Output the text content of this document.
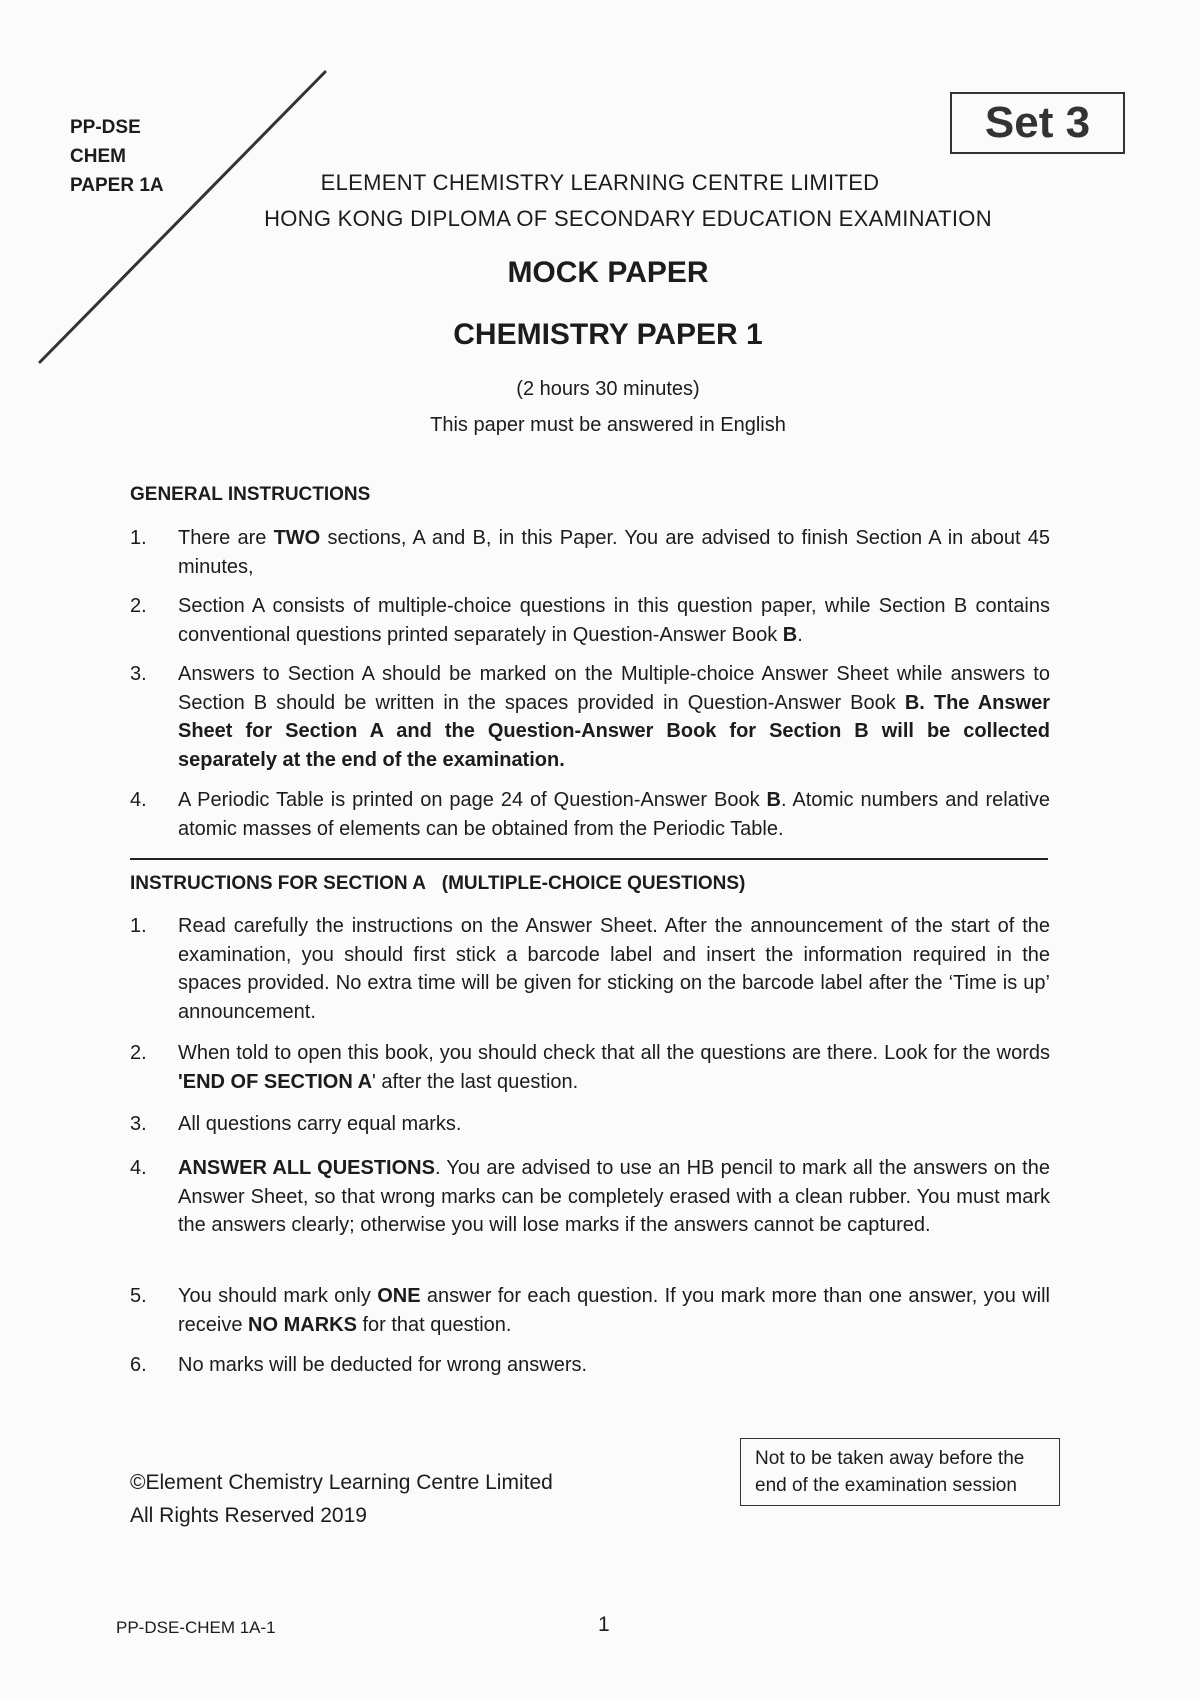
PP-DSE
CHEM
PAPER 1A
Set 3
ELEMENT CHEMISTRY LEARNING CENTRE LIMITED
HONG KONG DIPLOMA OF SECONDARY EDUCATION EXAMINATION
MOCK PAPER
CHEMISTRY PAPER 1
(2 hours 30 minutes)
This paper must be answered in English
GENERAL INSTRUCTIONS
1.	There are TWO sections, A and B, in this Paper. You are advised to finish Section A in about 45 minutes,
2.	Section A consists of multiple-choice questions in this question paper, while Section B contains conventional questions printed separately in Question-Answer Book B.
3.	Answers to Section A should be marked on the Multiple-choice Answer Sheet while answers to Section B should be written in the spaces provided in Question-Answer Book B. The Answer Sheet for Section A and the Question-Answer Book for Section B will be collected separately at the end of the examination.
4.	A Periodic Table is printed on page 24 of Question-Answer Book B. Atomic numbers and relative atomic masses of elements can be obtained from the Periodic Table.
INSTRUCTIONS FOR SECTION A   (MULTIPLE-CHOICE QUESTIONS)
1.	Read carefully the instructions on the Answer Sheet. After the announcement of the start of the examination, you should first stick a barcode label and insert the information required in the spaces provided. No extra time will be given for sticking on the barcode label after the ‘Time is up’ announcement.
2.	When told to open this book, you should check that all the questions are there. Look for the words 'END OF SECTION A' after the last question.
3.	All questions carry equal marks.
4.	ANSWER ALL QUESTIONS. You are advised to use an HB pencil to mark all the answers on the Answer Sheet, so that wrong marks can be completely erased with a clean rubber. You must mark the answers clearly; otherwise you will lose marks if the answers cannot be captured.
5.	You should mark only ONE answer for each question. If you mark more than one answer, you will receive NO MARKS for that question.
6.	No marks will be deducted for wrong answers.
©Element Chemistry Learning Centre Limited
All Rights Reserved 2019
Not to be taken away before the end of the examination session
PP-DSE-CHEM 1A-1	1
